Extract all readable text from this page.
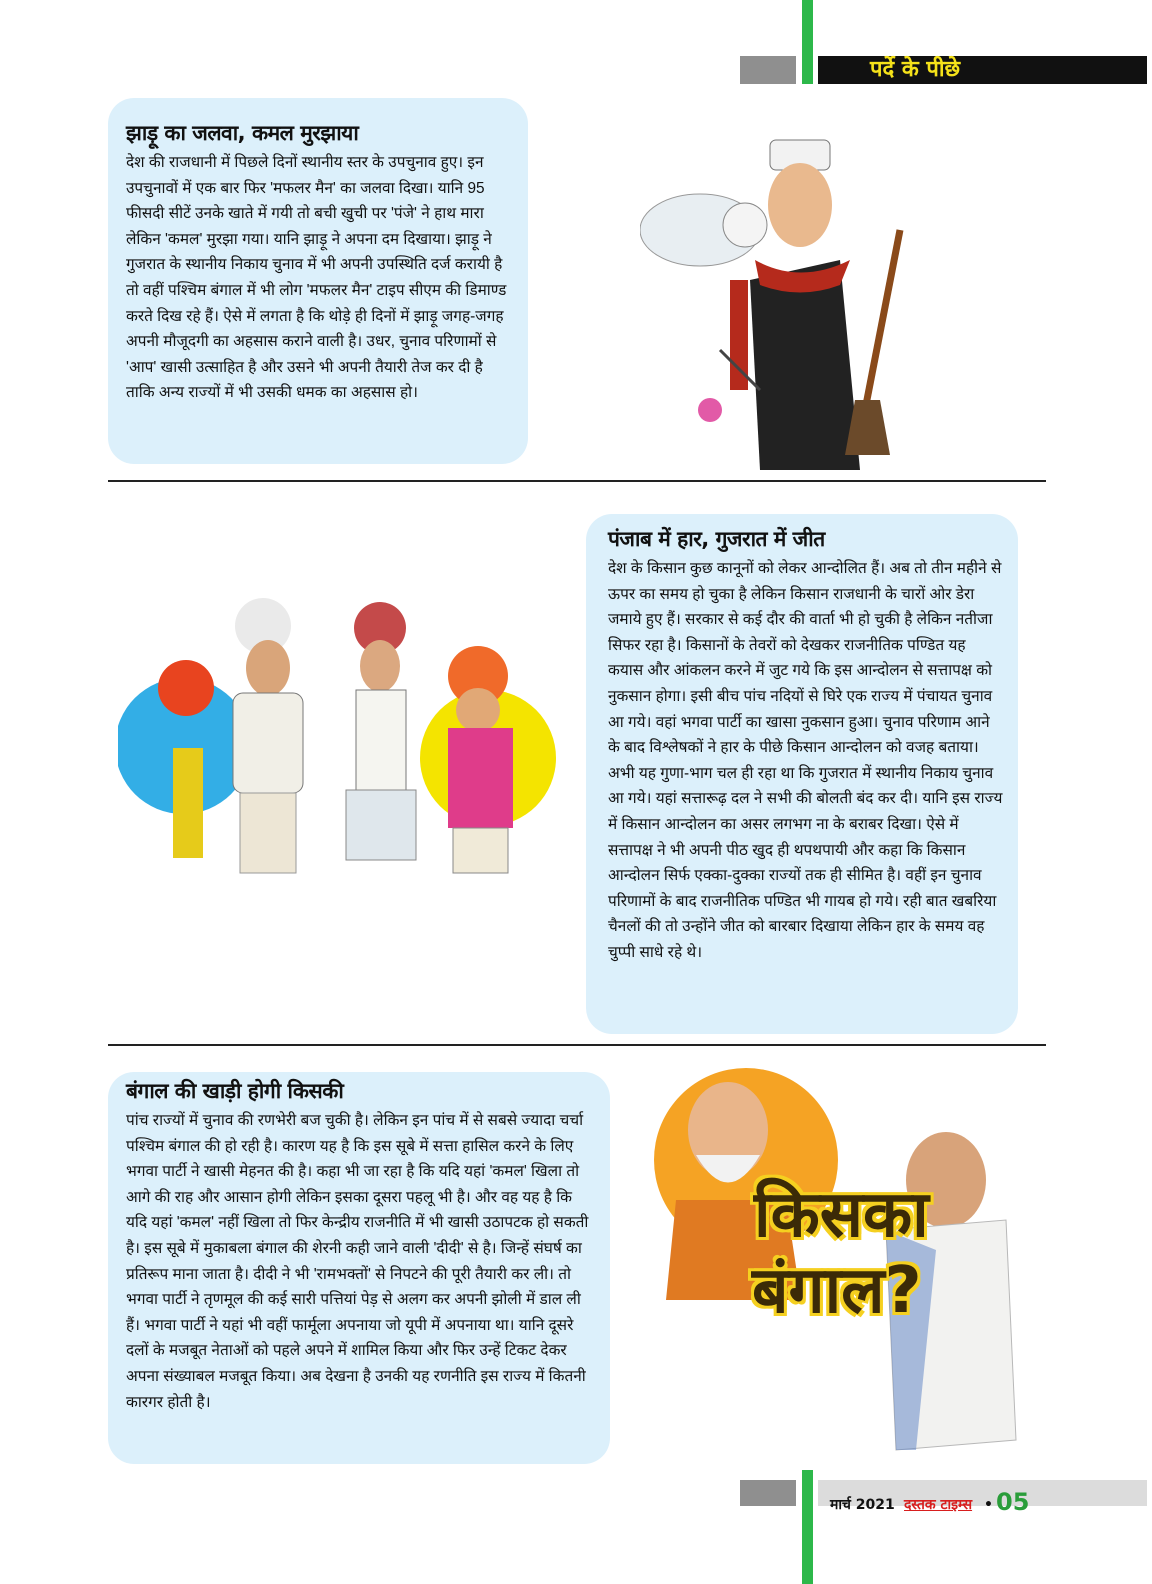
पर्दे के पीछे
झाड़ू का जलवा, कमल मुरझाया

देश की राजधानी में पिछले दिनों स्थानीय स्तर के उपचुनाव हुए। इन उपचुनावों में एक बार फिर 'मफलर मैन' का जलवा दिखा। यानि 95 फीसदी सीटें उनके खाते में गयी तो बची खुची पर 'पंजे' ने हाथ मारा लेकिन 'कमल' मुरझा गया। यानि झाड़ू ने अपना दम दिखाया। झाड़ू ने गुजरात के स्थानीय निकाय चुनाव में भी अपनी उपस्थिति दर्ज करायी है तो वहीं पश्चिम बंगाल में भी लोग 'मफलर मैन' टाइप सीएम की डिमाण्ड करते दिख रहे हैं। ऐसे में लगता है कि थोड़े ही दिनों में झाड़ू जगह-जगह अपनी मौजूदगी का अहसास कराने वाली है। उधर, चुनाव परिणामों से 'आप' खासी उत्साहित है और उसने भी अपनी तैयारी तेज कर दी है ताकि अन्य राज्यों में भी उसकी धमक का अहसास हो।

पंजाब में हार, गुजरात में जीत

देश के किसान कुछ कानूनों को लेकर आन्दोलित हैं। अब तो तीन महीने से ऊपर का समय हो चुका है लेकिन किसान राजधानी के चारों ओर डेरा जमाये हुए हैं। सरकार से कई दौर की वार्ता भी हो चुकी है लेकिन नतीजा सिफर रहा है। किसानों के तेवरों को देखकर राजनीतिक पण्डित यह कयास और आंकलन करने में जुट गये कि इस आन्दोलन से सत्तापक्ष को नुकसान होगा। इसी बीच पांच नदियों से घिरे एक राज्य में पंचायत चुनाव आ गये। वहां भगवा पार्टी का खासा नुकसान हुआ। चुनाव परिणाम आने के बाद विश्लेषकों ने हार के पीछे किसान आन्दोलन को वजह बताया। अभी यह गुणा-भाग चल ही रहा था कि गुजरात में स्थानीय निकाय चुनाव आ गये। यहां सत्तारूढ़ दल ने सभी की बोलती बंद कर दी। यानि इस राज्य में किसान आन्दोलन का असर लगभग ना के बराबर दिखा। ऐसे में सत्तापक्ष ने भी अपनी पीठ खुद ही थपथपायी और कहा कि किसान आन्दोलन सिर्फ एक्का-दुक्का राज्यों तक ही सीमित है। वहीं इन चुनाव परिणामों के बाद राजनीतिक पण्डित भी गायब हो गये। रही बात खबरिया चैनलों की तो उन्होंने जीत को बारबार दिखाया लेकिन हार के समय वह चुप्पी साधे रहे थे।

बंगाल की खाड़ी होगी किसकी

पांच राज्यों में चुनाव की रणभेरी बज चुकी है। लेकिन इन पांच में से सबसे ज्यादा चर्चा पश्चिम बंगाल की हो रही है। कारण यह है कि इस सूबे में सत्ता हासिल करने के लिए भगवा पार्टी ने खासी मेहनत की है। कहा भी जा रहा है कि यदि यहां 'कमल' खिला तो आगे की राह और आसान होगी लेकिन इसका दूसरा पहलू भी है। और वह यह है कि यदि यहां 'कमल' नहीं खिला तो फिर केन्द्रीय राजनीति में भी खासी उठापटक हो सकती है। इस सूबे में मुकाबला बंगाल की शेरनी कही जाने वाली 'दीदी' से है। जिन्हें संघर्ष का प्रतिरूप माना जाता है। दीदी ने भी 'रामभक्तों' से निपटने की पूरी तैयारी कर ली। तो भगवा पार्टी ने तृणमूल की कई सारी पत्तियां पेड़ से अलग कर अपनी झोली में डाल ली हैं। भगवा पार्टी ने यहां भी वहीं फार्मूला अपनाया जो यूपी में अपनाया था। यानि दूसरे दलों के मजबूत नेताओं को पहले अपने में शामिल किया और फिर उन्हें टिकट देकर अपना संख्याबल मजबूत किया। अब देखना है उनकी यह रणनीति इस राज्य में कितनी कारगर होती है।

किसका
बंगाल?
मार्च 2021 दस्तक टाइम्स • 05
